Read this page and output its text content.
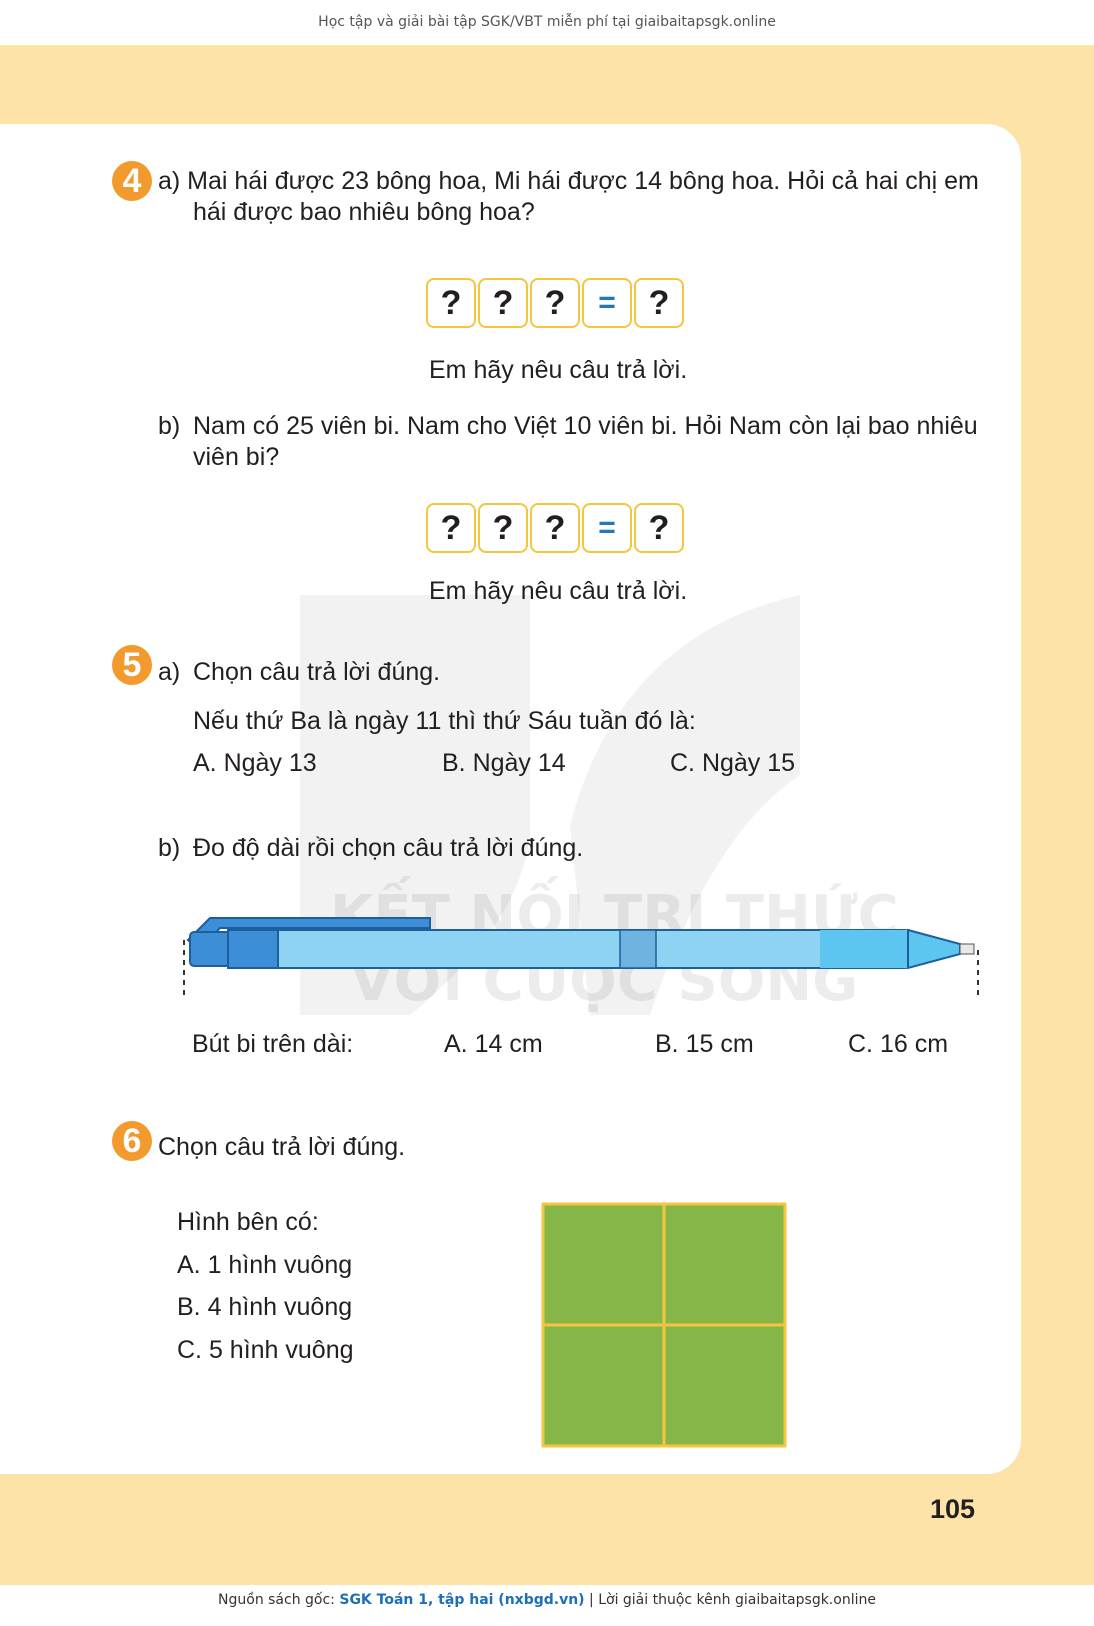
Học tập và giải bài tập SGK/VBT miễn phí tại giaibaitapsgk.online
4 a) Mai hái được 23 bông hoa, Mi hái được 14 bông hoa. Hỏi cả hai chị em
hái được bao nhiêu bông hoa?
? ? ?	= ?
Em hãy nêu câu trả lời.
b) Nam có 25 viên bi. Nam cho Việt 10 viên bi. Hỏi Nam còn lại bao nhiêu
viên bi?
? ? ?	= ?
Em hãy nêu câu trả lời.
5 a) Chọn câu trả lời đúng.
Nếu thứ Ba là ngày 11 thì thứ Sáu tuần đó là:
A. Ngày 13	B. Ngày 14	C. Ngày 15
b) Đo độ dài rồi chọn câu trả lời đúng.
Bút bi trên dài:	A. 14 cm	B. 15 cm	C. 16 cm
6 Chọn câu trả lời đúng.
Hình bên có:
A. 1 hình vuông
B. 4 hình vuông
C. 5 hình vuông
105
Nguồn sách gốc: SGK Toán 1, tập hai (nxbgd.vn) | Lời giải thuộc kênh giaibaitapsgk.online
